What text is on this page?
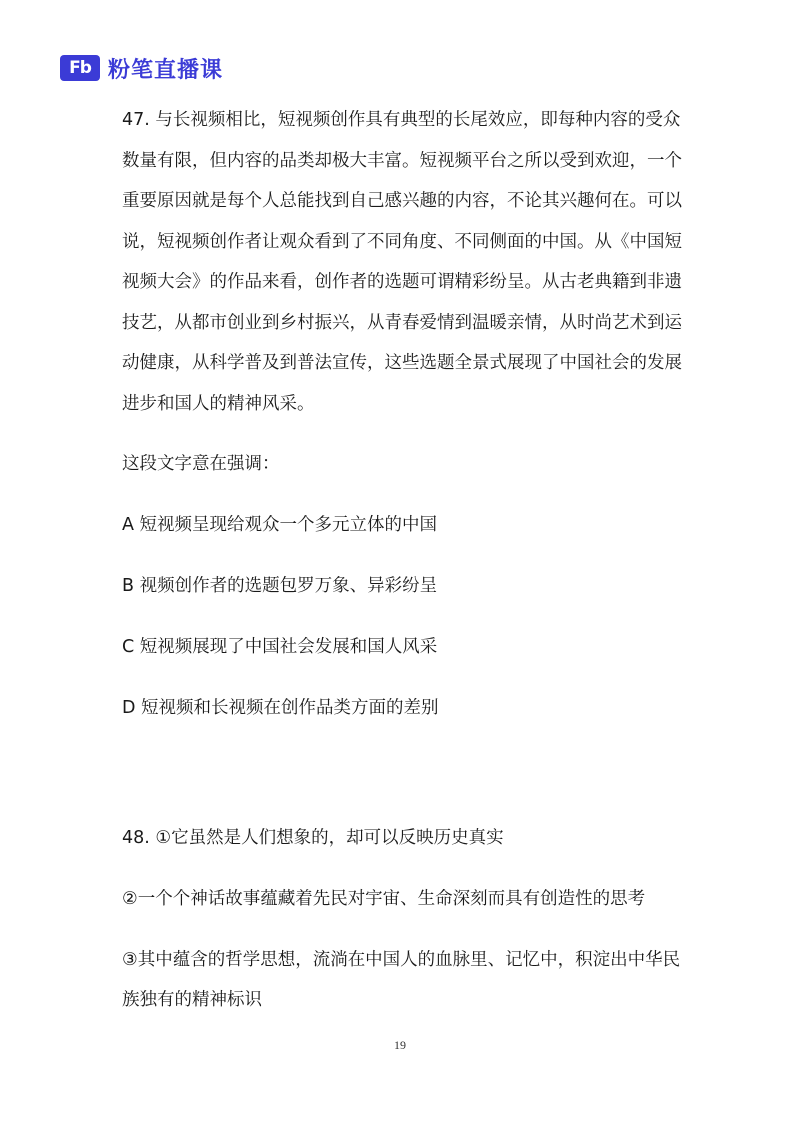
Fb 粉笔直播课

47. 与长视频相比，短视频创作具有典型的长尾效应，即每种内容的受众数量有限，但内容的品类却极大丰富。短视频平台之所以受到欢迎，一个重要原因就是每个人总能找到自己感兴趣的内容，不论其兴趣何在。可以说，短视频创作者让观众看到了不同角度、不同侧面的中国。从《中国短视频大会》的作品来看，创作者的选题可谓精彩纷呈。从古老典籍到非遗技艺，从都市创业到乡村振兴，从青春爱情到温暖亲情，从时尚艺术到运动健康，从科学普及到普法宣传，这些选题全景式展现了中国社会的发展进步和国人的精神风采。

这段文字意在强调：
A 短视频呈现给观众一个多元立体的中国
B 视频创作者的选题包罗万象、异彩纷呈
C 短视频展现了中国社会发展和国人风采
D 短视频和长视频在创作品类方面的差别
48. ①它虽然是人们想象的，却可以反映历史真实
②一个个神话故事蕴藏着先民对宇宙、生命深刻而具有创造性的思考
③其中蕴含的哲学思想，流淌在中国人的血脉里、记忆中，积淀出中华民族独有的精神标识
19
